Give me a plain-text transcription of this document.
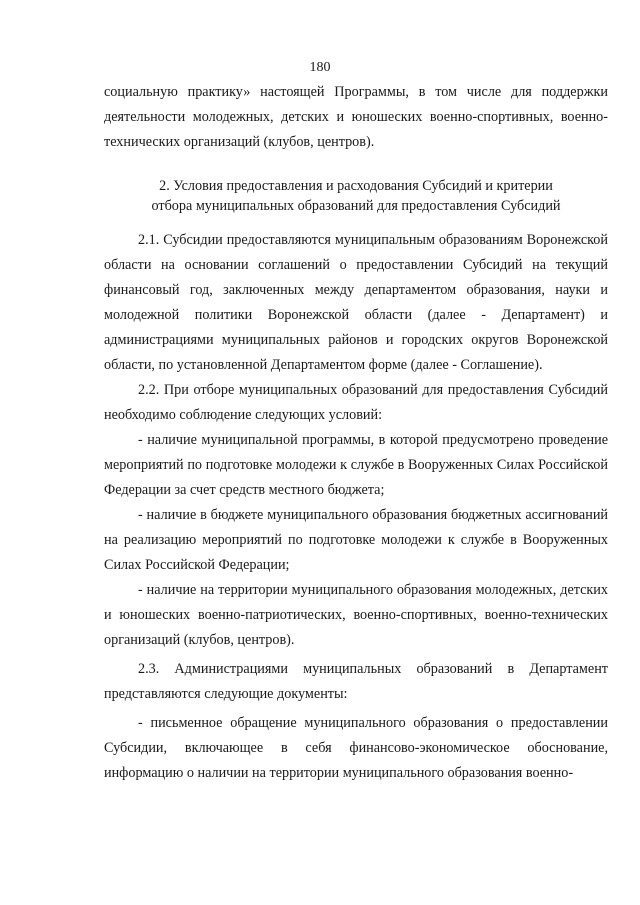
180

социальную практику» настоящей Программы, в том числе для поддержки деятельности молодежных, детских и юношеских военно-спортивных, военно-технических организаций (клубов, центров).

2. Условия предоставления и расходования Субсидий и критерии
отбора муниципальных образований для предоставления Субсидий

2.1. Субсидии предоставляются муниципальным образованиям Воронежской области на основании соглашений о предоставлении Субсидий на текущий финансовый год, заключенных между департаментом образования, науки и молодежной политики Воронежской области (далее - Департамент) и администрациями муниципальных районов и городских округов Воронежской области, по установленной Департаментом форме (далее - Соглашение).

2.2. При отборе муниципальных образований для предоставления Субсидий необходимо соблюдение следующих условий:

- наличие муниципальной программы, в которой предусмотрено проведение мероприятий по подготовке молодежи к службе в Вооруженных Силах Российской Федерации за счет средств местного бюджета;

- наличие в бюджете муниципального образования бюджетных ассигнований на реализацию мероприятий по подготовке молодежи к службе в Вооруженных Силах Российской Федерации;

- наличие на территории муниципального образования молодежных, детских и юношеских военно-патриотических, военно-спортивных, военно-технических организаций (клубов, центров).

2.3. Администрациями муниципальных образований в Департамент представляются следующие документы:

- письменное обращение муниципального образования о предоставлении Субсидии, включающее в себя финансово-экономическое обоснование, информацию о наличии на территории муниципального образования военно-
